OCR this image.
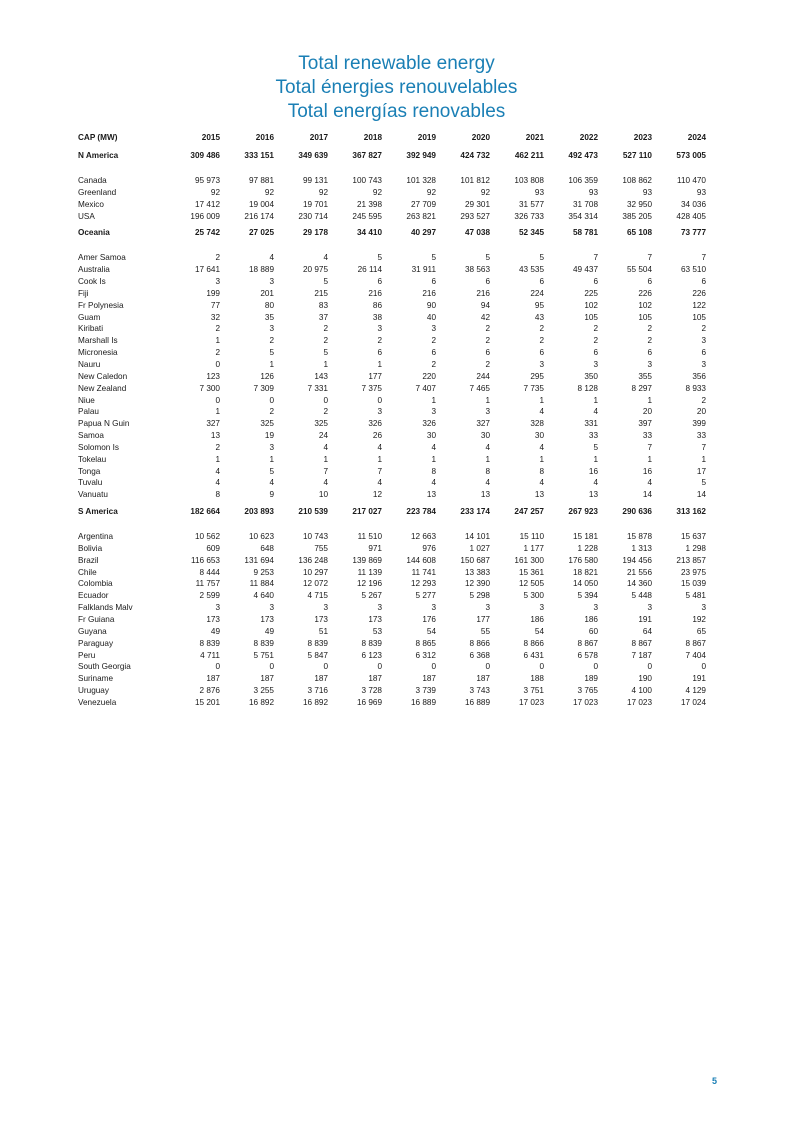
Total renewable energy
Total énergies renouvelables
Total energías renovables
CAP (MW)	2015	2016	2017	2018	2019	2020	2021	2022	2023	2024
N America	309 486	333 151	349 639	367 827	392 949	424 732	462 211	492 473	527 110	573 005

Canada	95 973	97 881	99 131	100 743	101 328	101 812	103 808	106 359	108 862	110 470
Greenland	92	92	92	92	92	92	93	93	93	93
Mexico	17 412	19 004	19 701	21 398	27 709	29 301	31 577	31 708	32 950	34 036
USA	196 009	216 174	230 714	245 595	263 821	293 527	326 733	354 314	385 205	428 405
Oceania	25 742	27 025	29 178	34 410	40 297	47 038	52 345	58 781	65 108	73 777

Amer Samoa	2	4	4	5	5	5	5	7	7	7
Australia	17 641	18 889	20 975	26 114	31 911	38 563	43 535	49 437	55 504	63 510
Cook Is	3	3	5	6	6	6	6	6	6	6
Fiji	199	201	215	216	216	216	224	225	226	226
Fr Polynesia	77	80	83	86	90	94	95	102	102	122
Guam	32	35	37	38	40	42	43	105	105	105
Kiribati	2	3	2	3	3	2	2	2	2	2
Marshall Is	1	2	2	2	2	2	2	2	2	3
Micronesia	2	5	5	6	6	6	6	6	6	6
Nauru	0	1	1	1	2	2	3	3	3	3
New Caledon	123	126	143	177	220	244	295	350	355	356
New Zealand	7 300	7 309	7 331	7 375	7 407	7 465	7 735	8 128	8 297	8 933
Niue	0	0	0	0	1	1	1	1	1	2
Palau	1	2	2	3	3	3	4	4	20	20
Papua N Guin	327	325	325	326	326	327	328	331	397	399
Samoa	13	19	24	26	30	30	30	33	33	33
Solomon Is	2	3	4	4	4	4	4	5	7	7
Tokelau	1	1	1	1	1	1	1	1	1	1
Tonga	4	5	7	7	8	8	8	16	16	17
Tuvalu	4	4	4	4	4	4	4	4	4	5
Vanuatu	8	9	10	12	13	13	13	13	14	14
S America	182 664	203 893	210 539	217 027	223 784	233 174	247 257	267 923	290 636	313 162

Argentina	10 562	10 623	10 743	11 510	12 663	14 101	15 110	15 181	15 878	15 637
Bolivia	609	648	755	971	976	1 027	1 177	1 228	1 313	1 298
Brazil	116 653	131 694	136 248	139 869	144 608	150 687	161 300	176 580	194 456	213 857
Chile	8 444	9 253	10 297	11 139	11 741	13 383	15 361	18 821	21 556	23 975
Colombia	11 757	11 884	12 072	12 196	12 293	12 390	12 505	14 050	14 360	15 039
Ecuador	2 599	4 640	4 715	5 267	5 277	5 298	5 300	5 394	5 448	5 481
Falklands Malv	3	3	3	3	3	3	3	3	3	3
Fr Guiana	173	173	173	173	176	177	186	186	191	192
Guyana	49	49	51	53	54	55	54	60	64	65
Paraguay	8 839	8 839	8 839	8 839	8 865	8 866	8 866	8 867	8 867	8 867
Peru	4 711	5 751	5 847	6 123	6 312	6 368	6 431	6 578	7 187	7 404
South Georgia	0	0	0	0	0	0	0	0	0	0
Suriname	187	187	187	187	187	187	188	189	190	191
Uruguay	2 876	3 255	3 716	3 728	3 739	3 743	3 751	3 765	4 100	4 129
Venezuela	15 201	16 892	16 892	16 969	16 889	16 889	17 023	17 023	17 023	17 024
5
